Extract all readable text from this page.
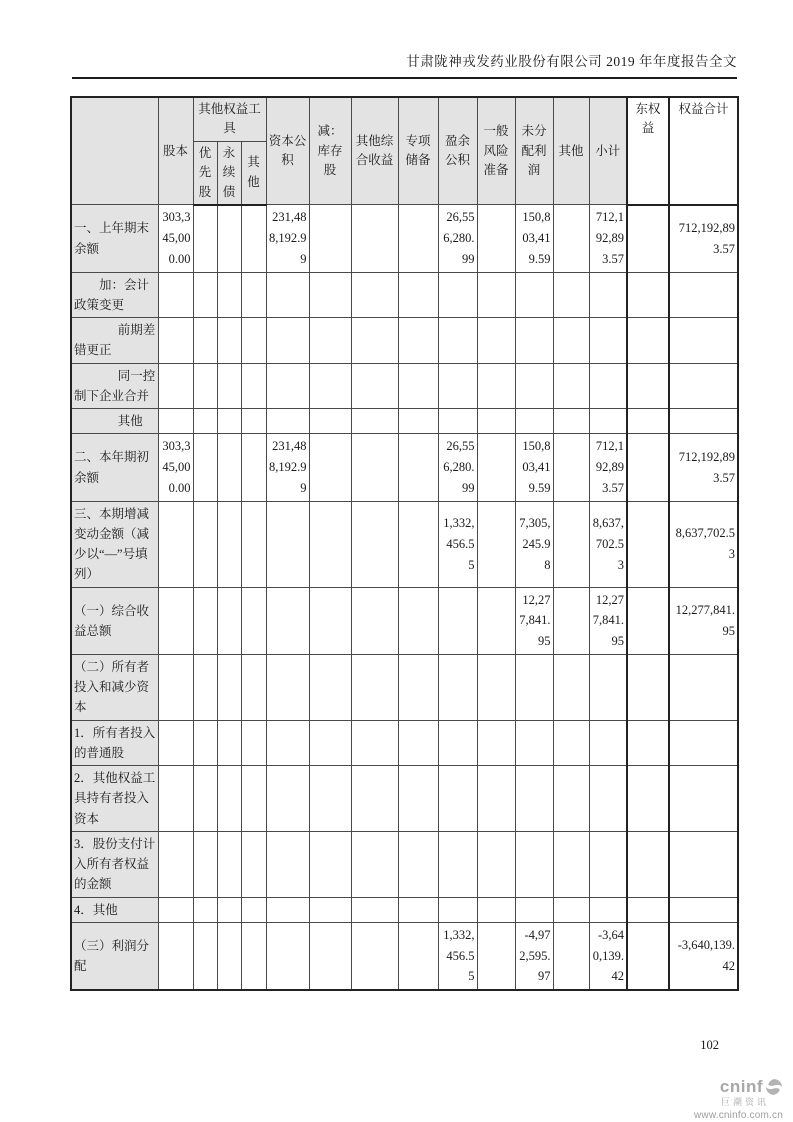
甘肃陇神戎发药业股份有限公司 2019 年年度报告全文
	股本	其他权益工具			资本公积	减：库存股	其他综合收益	专项储备	盈余公积	一般风险准备	未分配利润	其他	小计	东权益	权益合计
		优先股	永续债	其他											
一、上年期末余额	303,345,000.00				231,488,192.99				26,556,280.99		150,803,419.59		712,192,893.57		712,192,893.57
加：会计政策变更															
前期差错更正															
同一控制下企业合并															
其他															
二、本年期初余额	303,345,000.00				231,488,192.99				26,556,280.99		150,803,419.59		712,192,893.57		712,192,893.57
三、本期增减变动金额（减少以“—”号填列）									1,332,456.55		7,305,245.98		8,637,702.53		8,637,702.53
（一）综合收益总额											12,277,841.95		12,277,841.95		12,277,841.95
（二）所有者投入和减少资本															
1．所有者投入的普通股															
2．其他权益工具持有者投入资本															
3．股份支付计入所有者权益的金额															
4．其他															
（三）利润分配									1,332,456.55		-4,972,595.97		-3,640,139.42		-3,640,139.42
102
cninf
巨潮资讯
www.cninfo.com.cn
